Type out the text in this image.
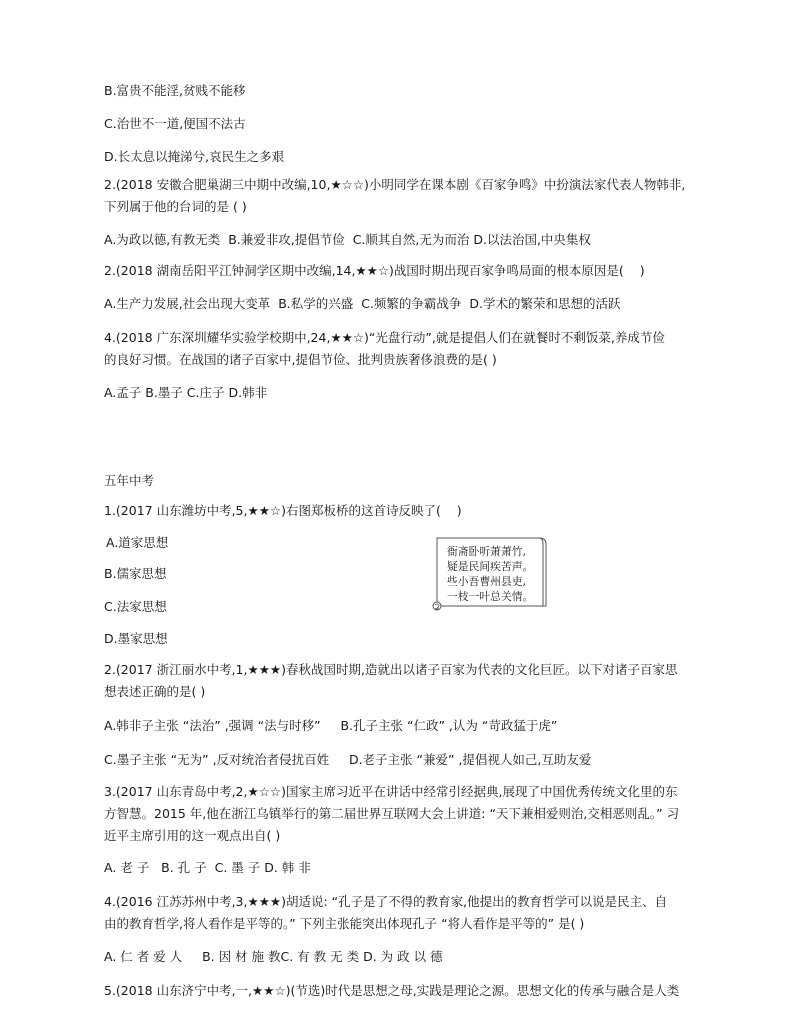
B.富贵不能淫,贫贱不能移
C.治世不一道,便国不法古
D.长太息以掩涕兮,哀民生之多艰
2.(2018 安徽合肥巢湖三中期中改编,10,★☆☆)小明同学在课本剧《百家争鸣》中扮演法家代表人物韩非,
下列属于他的台词的是 ( )
A.为政以德,有教无类  B.兼爱非攻,提倡节俭  C.顺其自然,无为而治 D.以法治国,中央集权
2.(2018 湖南岳阳平江钟洞学区期中改编,14,★★☆)战国时期出现百家争鸣局面的根本原因是(    )
A.生产力发展,社会出现大变革  B.私学的兴盛  C.频繁的争霸战争  D.学术的繁荣和思想的活跃
4.(2018 广东深圳耀华实验学校期中,24,★★☆)“光盘行动”,就是提倡人们在就餐时不剩饭菜,养成节俭
的良好习惯。在战国的诸子百家中,提倡节俭、批判贵族奢侈浪费的是( )
A.孟子 B.墨子 C.庄子 D.韩非
五年中考
1.(2017 山东潍坊中考,5,★★☆)右图郑板桥的这首诗反映了(    )
A.道家思想
B.儒家思想
C.法家思想
D.墨家思想
衙斋卧听萧萧竹,
疑是民间疾苦声。
些小吾曹州县吏,
一枝一叶总关情。
2.(2017 浙江丽水中考,1,★★★)春秋战国时期,造就出以诸子百家为代表的文化巨匠。以下对诸子百家思
想表述正确的是( )
A.韩非子主张 “法治” ,强调 “法与时移”     B.孔子主张 “仁政” ,认为 “苛政猛于虎”
C.墨子主张 “无为” ,反对统治者侵扰百姓     D.老子主张 “兼爱” ,提倡视人如己,互助友爱
3.(2017 山东青岛中考,2,★☆☆)国家主席习近平在讲话中经常引经据典,展现了中国优秀传统文化里的东
方智慧。2015 年,他在浙江乌镇举行的第二届世界互联网大会上讲道: “天下兼相爱则治,交相恶则乱。” 习
近平主席引用的这一观点出自( )
A. 老 子   B. 孔 子  C. 墨 子 D. 韩 非
4.(2016 江苏苏州中考,3,★★★)胡适说: “孔子是了不得的教育家,他提出的教育哲学可以说是民主、自
由的教育哲学,将人看作是平等的。” 下列主张能突出体现孔子 “将人看作是平等的” 是( )
A. 仁 者 爱 人     B. 因 材 施 教C. 有 教 无 类 D. 为 政 以 德
5.(2018 山东济宁中考,一,★★☆)(节选)时代是思想之母,实践是理论之源。思想文化的传承与融合是人类
